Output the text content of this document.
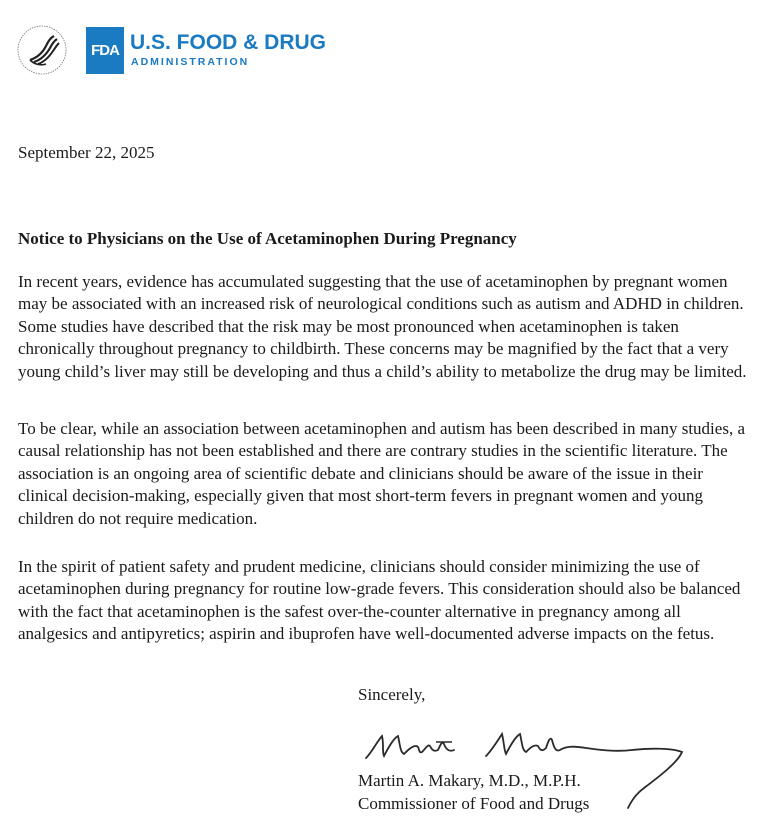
FDA U.S. FOOD & DRUG
ADMINISTRATION
September 22, 2025
Notice to Physicians on the Use of Acetaminophen During Pregnancy
In recent years, evidence has accumulated suggesting that the use of acetaminophen by pregnant women may be associated with an increased risk of neurological conditions such as autism and ADHD in children. Some studies have described that the risk may be most pronounced when acetaminophen is taken chronically throughout pregnancy to childbirth. These concerns may be magnified by the fact that a very young child’s liver may still be developing and thus a child’s ability to metabolize the drug may be limited.
To be clear, while an association between acetaminophen and autism has been described in many studies, a causal relationship has not been established and there are contrary studies in the scientific literature. The association is an ongoing area of scientific debate and clinicians should be aware of the issue in their clinical decision-making, especially given that most short-term fevers in pregnant women and young children do not require medication.
In the spirit of patient safety and prudent medicine, clinicians should consider minimizing the use of acetaminophen during pregnancy for routine low-grade fevers. This consideration should also be balanced with the fact that acetaminophen is the safest over-the-counter alternative in pregnancy among all analgesics and antipyretics; aspirin and ibuprofen have well-documented adverse impacts on the fetus.
Sincerely,
Martin A. Makary, M.D., M.P.H.
Commissioner of Food and Drugs
